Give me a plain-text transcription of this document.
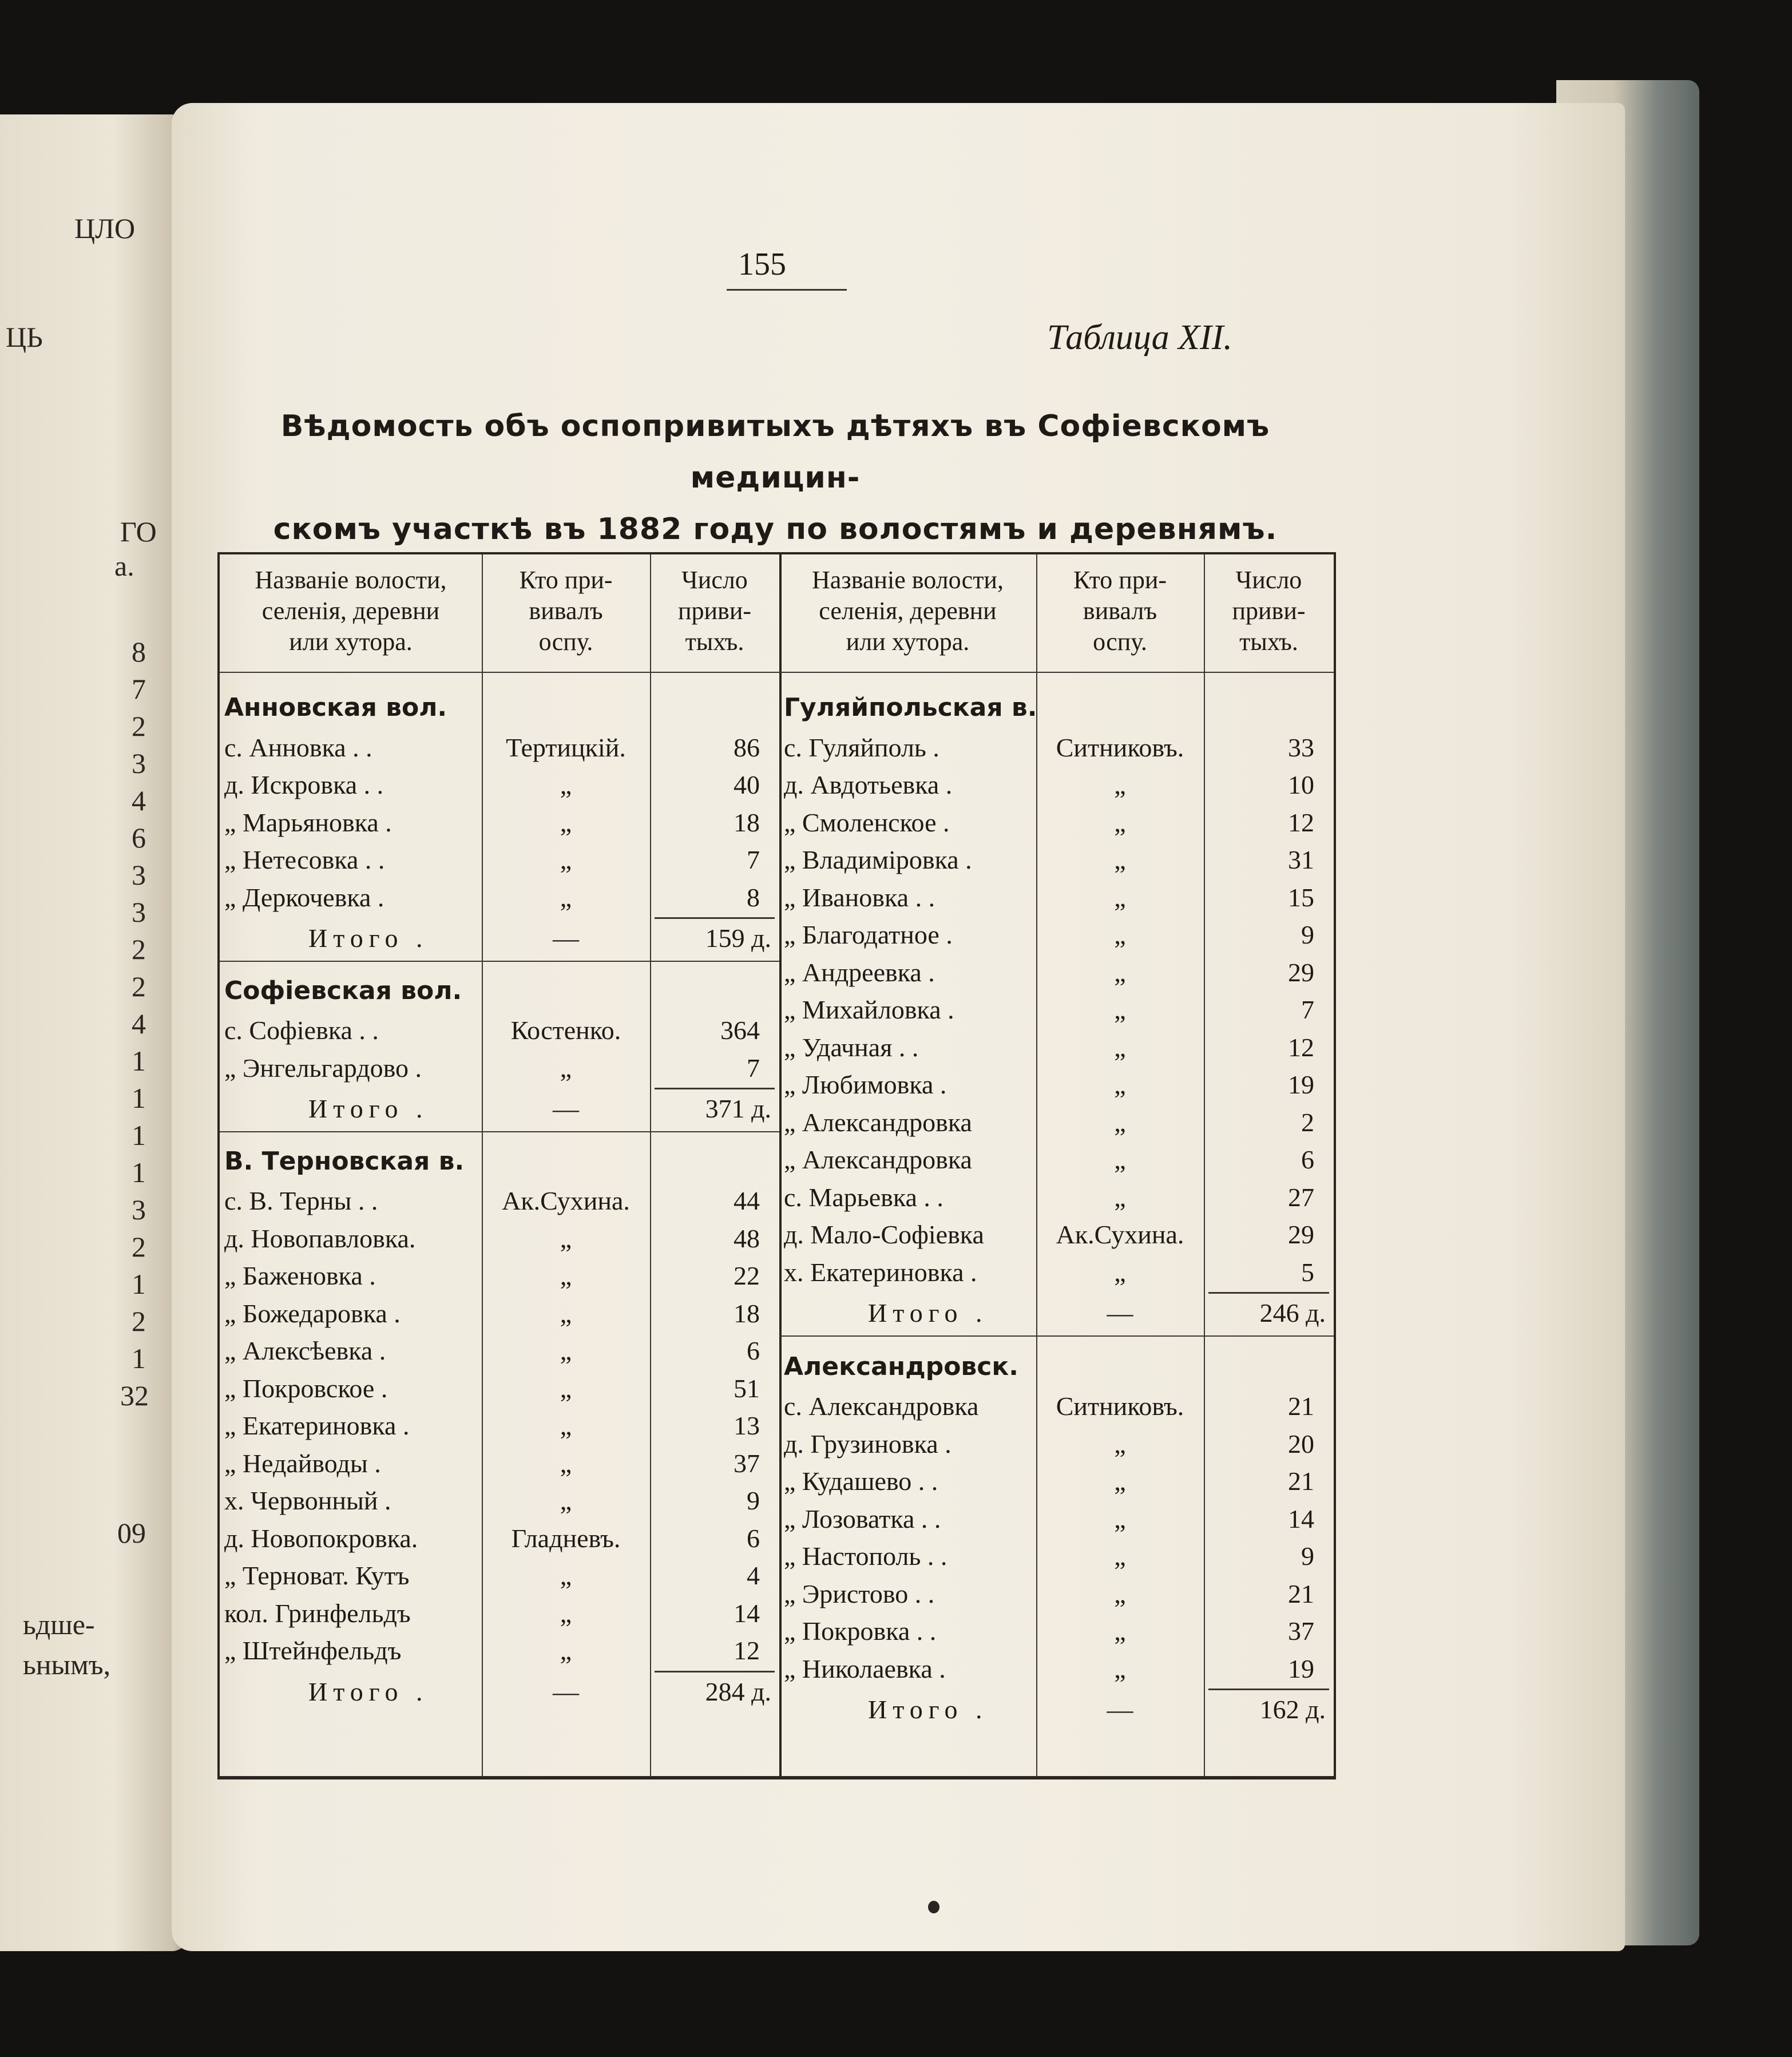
ЦЛО
ЦЬ
ГО
а.
8
7
2
3
4
6
3
3
2
2
4
1
1
1
1
3
2
1
2
1
32
09
ьдше-
ьнымъ,
155
Таблица XII.
Вѣдомость объ оспопривитыхъ дѣтяхъ въ Софіевскомъ медицин-
скомъ участкѣ въ 1882 году по волостямъ и деревнямъ.
Названіе волости,
селенія, деревни
или хутора.
Кто при-
вивалъ
оспу.
Число
приви-
тыхъ.
Названіе волости,
селенія, деревни
или хутора.
Кто при-
вивалъ
оспу.
Число
приви-
тыхъ.
Анновская вол.
с. Анновка . .	Тертицкій.	86
д. Искровка . .	„	40
„ Марьяновка .	„	18
„ Нетесовка . .	„	7
„ Деркочевка .	„	8
Итого .	—	159 д.
Софіевская вол.
с. Софіевка . .	Костенко.	364
„ Энгельгардово .	„	7
Итого .	—	371 д.
В. Терновская в.
с. В. Терны . .	Ак.Сухина.	44
д. Новопавловка.	„	48
„ Баженовка .	„	22
„ Божедаровка .	„	18
„ Алексѣевка .	„	6
„ Покровское .	„	51
„ Екатериновка .	„	13
„ Недайводы .	„	37
х. Червонный .	„	9
д. Новопокровка.	Гладневъ.	6
„ Терноват. Кутъ	„	4
кол. Гринфельдъ	„	14
„ Штейнфельдъ	„	12
Итого .	—	284 д.
Гуляйпольская в.
с. Гуляйполь .	Ситниковъ.	33
д. Авдотьевка .	„	10
„ Смоленское .	„	12
„ Владиміровка .	„	31
„ Ивановка . .	„	15
„ Благодатное .	„	9
„ Андреевка .	„	29
„ Михайловка .	„	7
„ Удачная . .	„	12
„ Любимовка .	„	19
„ Александровка	„	2
„ Александровка	„	6
с. Марьевка . .	„	27
д. Мало-Софіевка	Ак.Сухина.	29
х. Екатериновка .	„	5
Итого .	—	246 д.
Александровск.
с. Александровка	Ситниковъ.	21
д. Грузиновка .	„	20
„ Кудашево . .	„	21
„ Лозоватка . .	„	14
„ Настополь . .	„	9
„ Эристово . .	„	21
„ Покровка . .	„	37
„ Николаевка .	„	19
Итого .	—	162 д.
